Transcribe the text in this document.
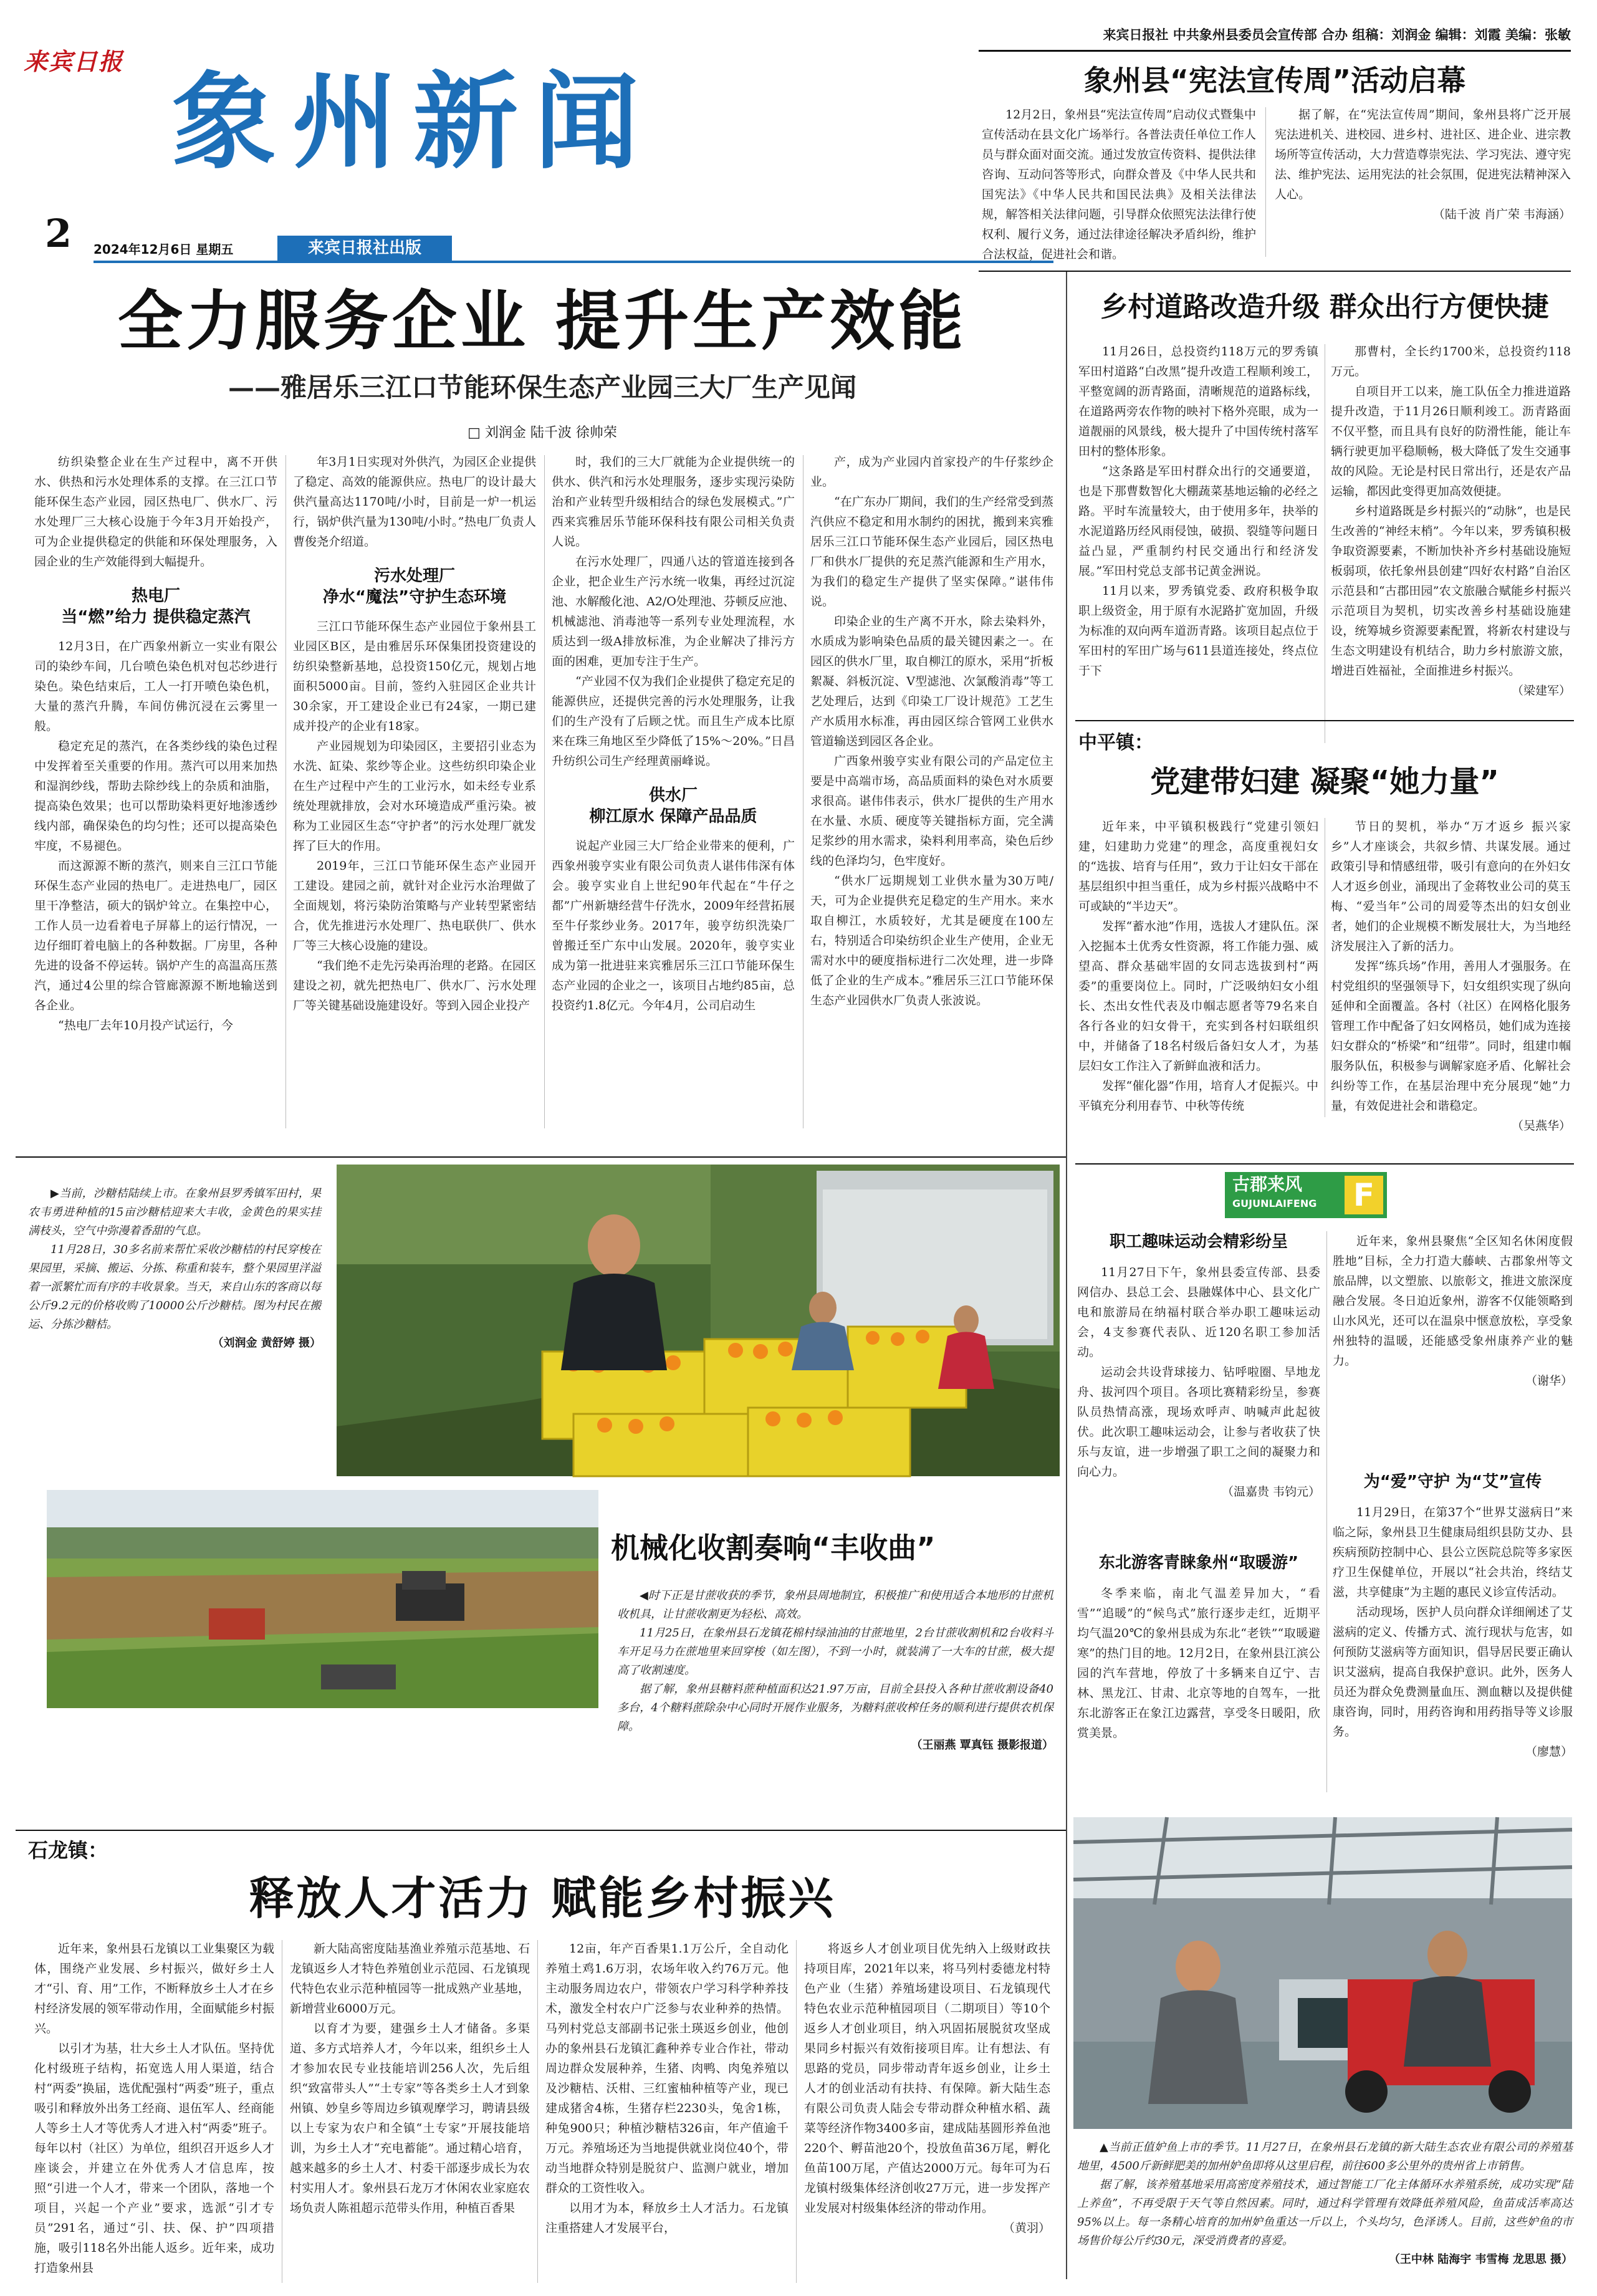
来宾日报社 中共象州县委员会宣传部 合办 组稿：刘润金 编辑：刘霞 美编：张敏
来宾日报 象州新闻
2 2024年12月6日 星期五	来宾日报社出版
象州县“宪法宣传周”活动启幕

12月2日，象州县“宪法宣传周”启动仪式暨集中宣传活动在县文化广场举行。各普法责任单位工作人员与群众面对面交流。通过发放宣传资料、提供法律咨询、互动问答等形式，向群众普及《中华人民共和国宪法》《中华人民共和国民法典》及相关法律法规，解答相关法律问题，引导群众依照宪法法律行使权利、履行义务，通过法律途径解决矛盾纠纷，维护合法权益，促进社会和谐。

据了解，在“宪法宣传周”期间，象州县将广泛开展宪法进机关、进校园、进乡村、进社区、进企业、进宗教场所等宣传活动，大力营造尊崇宪法、学习宪法、遵守宪法、维护宪法、运用宪法的社会氛围，促进宪法精神深入人心。

（陆千波 肖广荣 韦海涵）

全力服务企业 提升生产效能
——雅居乐三江口节能环保生态产业园三大厂生产见闻
□ 刘润金 陆千波 徐帅荣

纺织染整企业在生产过程中，离不开供水、供热和污水处理体系的支撑。在三江口节能环保生态产业园，园区热电厂、供水厂、污水处理厂三大核心设施于今年3月开始投产，可为企业提供稳定的供能和环保处理服务，入园企业的生产效能得到大幅提升。

热电厂
当“燃”给力 提供稳定蒸汽

12月3日，在广西象州新立一实业有限公司的染纱车间，几台喷色染色机对包芯纱进行染色。染色结束后，工人一打开喷色染色机，大量的蒸汽升腾，车间仿佛沉浸在云雾里一般。

稳定充足的蒸汽，在各类纱线的染色过程中发挥着至关重要的作用。蒸汽可以用来加热和湿润纱线，帮助去除纱线上的杂质和油脂，提高染色效果；也可以帮助染料更好地渗透纱线内部，确保染色的均匀性；还可以提高染色牢度，不易褪色。

而这源源不断的蒸汽，则来自三江口节能环保生态产业园的热电厂。走进热电厂，园区里干净整洁，硕大的锅炉耸立。在集控中心，工作人员一边看着电子屏幕上的运行情况，一边仔细盯着电脑上的各种数据。厂房里，各种先进的设备不停运转。锅炉产生的高温高压蒸汽，通过4公里的综合管廊源源不断地输送到各企业。

“热电厂去年10月投产试运行，今

年3月1日实现对外供汽，为园区企业提供了稳定、高效的能源供应。热电厂的设计最大供汽量高达1170吨/小时，目前是一炉一机运行，锅炉供汽量为130吨/小时。”热电厂负责人曹俊尧介绍道。

污水处理厂
净水“魔法”守护生态环境

三江口节能环保生态产业园位于象州县工业园区B区，是由雅居乐环保集团投资建设的纺织染整新基地，总投资150亿元，规划占地面积5000亩。目前，签约入驻园区企业共计30余家，开工建设企业已有24家，一期已建成并投产的企业有18家。

产业园规划为印染园区，主要招引业态为水洗、缸染、浆纱等企业。这些纺织印染企业在生产过程中产生的工业污水，如未经专业系统处理就排放，会对水环境造成严重污染。被称为工业园区生态“守护者”的污水处理厂就发挥了巨大的作用。

2019年，三江口节能环保生态产业园开工建设。建园之前，就针对企业污水治理做了全面规划，将污染防治策略与产业转型紧密结合，优先推进污水处理厂、热电联供厂、供水厂等三大核心设施的建设。

“我们绝不走先污染再治理的老路。在园区建设之初，就先把热电厂、供水厂、污水处理厂等关键基础设施建设好。等到入园企业投产

时，我们的三大厂就能为企业提供统一的供水、供汽和污水处理服务，逐步实现污染防治和产业转型升级相结合的绿色发展模式。”广西来宾雅居乐节能环保科技有限公司相关负责人说。

在污水处理厂，四通八达的管道连接到各企业，把企业生产污水统一收集，再经过沉淀池、水解酸化池、A2/O处理池、芬顿反应池、机械滤池、消毒池等一系列专业处理流程，水质达到一级A排放标准，为企业解决了排污方面的困难，更加专注于生产。

“产业园不仅为我们企业提供了稳定充足的能源供应，还提供完善的污水处理服务，让我们的生产没有了后顾之忧。而且生产成本比原来在珠三角地区至少降低了15%～20%。”日昌升纺织公司生产经理黄丽峰说。

供水厂
柳江原水 保障产品品质

说起产业园三大厂给企业带来的便利，广西象州骏亨实业有限公司负责人谌伟伟深有体会。骏亨实业自上世纪90年代起在“牛仔之都”广州新塘经营牛仔洗水，2009年经营拓展至牛仔浆纱业务。2017年，骏亨纺织洗染厂曾搬迁至广东中山发展。2020年，骏亨实业成为第一批进驻来宾雅居乐三江口节能环保生态产业园的企业之一，该项目占地约85亩，总投资约1.8亿元。今年4月，公司启动生

产，成为产业园内首家投产的牛仔浆纱企业。

“在广东办厂期间，我们的生产经常受到蒸汽供应不稳定和用水制约的困扰，搬到来宾雅居乐三江口节能环保生态产业园后，园区热电厂和供水厂提供的充足蒸汽能源和生产用水，为我们的稳定生产提供了坚实保障。”谌伟伟说。

印染企业的生产离不开水，除去染料外，水质成为影响染色品质的最关键因素之一。在园区的供水厂里，取自柳江的原水，采用“折板絮凝、斜板沉淀、V型滤池、次氯酸消毒”等工艺处理后，达到《印染工厂设计规范》工艺生产水质用水标准，再由园区综合管网工业供水管道输送到园区各企业。

广西象州骏亨实业有限公司的产品定位主要是中高端市场，高品质面料的染色对水质要求很高。谌伟伟表示，供水厂提供的生产用水在水量、水质、硬度等关键指标方面，完全满足浆纱的用水需求，染料利用率高，染色后纱线的色泽均匀，色牢度好。

“供水厂远期规划工业供水量为30万吨/天，可为企业提供充足稳定的生产用水。来水取自柳江，水质较好，尤其是硬度在100左右，特别适合印染纺织企业生产使用，企业无需对水中的硬度指标进行二次处理，进一步降低了企业的生产成本。”雅居乐三江口节能环保生态产业园供水厂负责人张波说。

乡村道路改造升级 群众出行方便快捷

11月26日，总投资约118万元的罗秀镇军田村道路“白改黑”提升改造工程顺利竣工，平整宽阔的沥青路面，清晰规范的道路标线，在道路两旁农作物的映衬下格外亮眼，成为一道靓丽的风景线，极大提升了中国传统村落军田村的整体形象。

“这条路是军田村群众出行的交通要道，也是下那曹数智化大棚蔬菜基地运输的必经之路。平时车流量较大，由于使用多年，抉举的水泥道路历经风雨侵蚀，破损、裂缝等问题日益凸显，严重制约村民交通出行和经济发展。”军田村党总支部书记黄金洲说。

11月以来，罗秀镇党委、政府积极争取职上级资金，用于原有水泥路扩宽加固，升级为标准的双向两车道沥青路。该项目起点位于军田村的军田广场与611县道连接处，终点位于下

那曹村，全长约1700米，总投资约118万元。

自项目开工以来，施工队伍全力推进道路提升改造，于11月26日顺利竣工。沥青路面不仅平整，而且具有良好的防滑性能，能让车辆行驶更加平稳顺畅，极大降低了发生交通事故的风险。无论是村民日常出行，还是农产品运输，都因此变得更加高效便捷。

乡村道路既是乡村振兴的“动脉”，也是民生改善的“神经末梢”。今年以来，罗秀镇积极争取资源要素，不断加快补齐乡村基础设施短板弱项，依托象州县创建“四好农村路”自治区示范县和“古郡田园”农文旅融合赋能乡村振兴示范项目为契机，切实改善乡村基础设施建设，统筹城乡资源要素配置，将新农村建设与生态文明建设有机结合，助力乡村旅游文旅，增进百姓福祉，全面推进乡村振兴。

（梁建军）

中平镇：
党建带妇建 凝聚“她力量”

近年来，中平镇积极践行“党建引领妇建，妇建助力党建”的理念，高度重视妇女的“选拔、培育与任用”，致力于让妇女干部在基层组织中担当重任，成为乡村振兴战略中不可或缺的“半边天”。

发挥“蓄水池”作用，选拔人才建队伍。深入挖掘本土优秀女性资源，将工作能力强、威望高、群众基础牢固的女同志选拔到村“两委”的重要岗位上。同时，广泛吸纳妇女小组长、杰出女性代表及巾帼志愿者等79名来自各行各业的妇女骨干，充实到各村妇联组织中，并储备了18名村级后备妇女人才，为基层妇女工作注入了新鲜血液和活力。

发挥“催化器”作用，培育人才促振兴。中平镇充分利用春节、中秋等传统

节日的契机，举办“万才返乡 振兴家乡”人才座谈会，共叙乡情、共谋发展。通过政策引导和情感纽带，吸引有意向的在外妇女人才返乡创业，涌现出了金蒋牧业公司的莫玉梅、“爱当年”公司的周爱等杰出的妇女创业者，她们的企业规模不断发展壮大，为当地经济发展注入了新的活力。

发挥“练兵场”作用，善用人才强服务。在村党组织的坚强领导下，妇女组织实现了纵向延伸和全面覆盖。各村（社区）在网格化服务管理工作中配备了妇女网格员，她们成为连接妇女群众的“桥梁”和“纽带”。同时，组建巾帼服务队伍，积极参与调解家庭矛盾、化解社会纠纷等工作，在基层治理中充分展现“她”力量，有效促进社会和谐稳定。

（吴燕华）

古郡来风
GUJUNLAIFENG	F

职工趣味运动会精彩纷呈

11月27日下午，象州县委宣传部、县委网信办、县总工会、县融媒体中心、县文化广电和旅游局在纳福村联合举办职工趣味运动会，4支参赛代表队、近120名职工参加活动。

运动会共设背球接力、钻呼啦圈、旱地龙舟、拔河四个项目。各项比赛精彩纷呈，参赛队员热情高涨，现场欢呼声、呐喊声此起彼伏。此次职工趣味运动会，让参与者收获了快乐与友谊，进一步增强了职工之间的凝聚力和向心力。

（温嘉贵 韦钧元）

东北游客青睐象州“取暖游”

冬季来临，南北气温差异加大，“看雪”“追暖”的“候鸟式”旅行逐步走红，近期平均气温20℃的象州县成为东北“老铁”“取暖避寒”的热门目的地。12月2日，在象州县江滨公园的汽车营地，停放了十多辆来自辽宁、吉林、黑龙江、甘肃、北京等地的自驾车，一批东北游客正在象江边露营，享受冬日暖阳，欣赏美景。

近年来，象州县聚焦“全区知名休闲度假胜地”目标，全力打造大藤峡、古郡象州等文旅品牌，以文塑旅、以旅彰文，推进文旅深度融合发展。冬日迫近象州，游客不仅能领略到山水风光，还可以在温泉中惬意放松，享受象州独特的温暖，还能感受象州康养产业的魅力。

（谢华）

为“爱”守护 为“艾”宣传

11月29日，在第37个“世界艾滋病日”来临之际，象州县卫生健康局组织县防艾办、县疾病预防控制中心、县公立医院总院等多家医疗卫生保健单位，开展以“社会共治，终结艾滋，共享健康”为主题的惠民义诊宣传活动。

活动现场，医护人员向群众详细阐述了艾滋病的定义、传播方式、流行现状与危害，如何预防艾滋病等方面知识，倡导居民要正确认识艾滋病，提高自我保护意识。此外，医务人员还为群众免费测量血压、测血糖以及提供健康咨询，同时，用药咨询和用药指导等义诊服务。

（廖慧）

▶当前，沙糖桔陆续上市。在象州县罗秀镇军田村，果农韦勇进种植的15亩沙糖桔迎来大丰收，金黄色的果实挂满枝头，空气中弥漫着香甜的气息。

11月28日，30多名前来帮忙采收沙糖桔的村民穿梭在果园里，采摘、搬运、分拣、称重和装车，整个果园里洋溢着一派繁忙而有序的丰收景象。当天，来自山东的客商以每公斤9.2元的价格收购了10000公斤沙糖桔。图为村民在搬运、分拣沙糖桔。

（刘润金 黄舒婷 摄）

机械化收割奏响“丰收曲”

◀时下正是甘蔗收获的季节，象州县周地制宜，积极推广和使用适合本地形的甘蔗机收机具，让甘蔗收割更为轻松、高效。

11月25日，在象州县石龙镇花棉村绿油油的甘蔗地里，2台甘蔗收割机和2台收料斗车开足马力在蔗地里来回穿梭（如左图），不到一小时，就装满了一大车的甘蔗，极大提高了收割速度。

据了解，象州县糖料蔗种植面积达21.97万亩，目前全县投入各种甘蔗收割设备40多台，4个糖料蔗除杂中心同时开展作业服务，为糖料蔗收榨任务的顺利进行提供农机保障。

（王丽燕 覃真钰 摄影报道）

石龙镇：
释放人才活力 赋能乡村振兴

近年来，象州县石龙镇以工业集聚区为载体，围绕产业发展、乡村振兴，做好乡土人才“引、育、用”工作，不断释放乡土人才在乡村经济发展的领军带动作用，全面赋能乡村振兴。

以引才为基，壮大乡土人才队伍。坚持优化村级班子结构，拓宽选人用人渠道，结合村“两委”换届，选优配强村“两委”班子，重点吸引和释放外出务工经商、退伍军人、经商能人等乡土人才等优秀人才进入村“两委”班子。每年以村（社区）为单位，组织召开返乡人才座谈会，并建立在外优秀人才信息库，按照“引进一个人才，带来一个团队，落地一个项目，兴起一个产业”要求，选派“引才专员”291名，通过“引、扶、保、护”四项措施，吸引118名外出能人返乡。近年来，成功打造象州县

新大陆高密度陆基渔业养殖示范基地、石龙镇返乡人才特色养殖创业示范园、石龙镇现代特色农业示范种植园等一批成熟产业基地，新增营业6000万元。

以育才为要，建强乡土人才储备。多渠道、多方式培养人才，今年以来，组织乡土人才参加农民专业技能培训256人次，先后组织“致富带头人”“土专家”等各类乡土人才到象州镇、妙皇乡等周边乡镇观摩学习，聘请县级以上专家为农户和全镇“土专家”开展技能培训，为乡土人才“充电蓄能”。通过精心培育，越来越多的乡土人才、村委干部逐步成长为农村实用人才。象州县石龙万才休闲农业家庭农场负责人陈祖超示范带头作用，种植百香果

12亩，年产百香果1.1万公斤，全自动化养殖土鸡1.6万羽，农场年收入约76万元。他主动服务周边农户，带领农户学习科学种养技术，激发全村农户广泛参与农业种养的热情。马列村党总支部副书记张土瑛返乡创业，他创办的象州县石龙镇汇鑫种养专业合作社，带动周边群众发展种养，生猪、肉鸭、肉兔养殖以及沙糖桔、沃柑、三红蜜柚种植等产业，现已建成猪舍4栋，生猪存栏2230头，兔舍1栋，种兔900只；种植沙糖桔326亩，年产值逾千万元。养殖场还为当地提供就业岗位40个，带动当地群众特别是脱贫户、监测户就业，增加群众的工资性收入。

以用才为本，释放乡土人才活力。石龙镇注重搭建人才发展平台，

将返乡人才创业项目优先纳入上级财政扶持项目库，2021年以来，将马列村委德龙村特色产业（生猪）养殖场建设项目、石龙镇现代特色农业示范种植园项目（二期项目）等10个返乡人才创业项目，纳入巩固拓展脱贫攻坚成果同乡村振兴有效衔接项目库。让有想法、有思路的党员，同步带动青年返乡创业，让乡土人才的创业活动有扶持、有保障。新大陆生态有限公司负责人陆会专带动群众种植水稻、蔬菜等经济作物3400多亩，建成陆基圆形养鱼池220个、孵苗池20个，投放鱼苗36万尾，孵化鱼苗100万尾，产值达2000万元。每年可为石龙镇村级集体经济创收27万元，进一步发挥产业发展对村级集体经济的带动作用。

（黄羽）

▲当前正值妒鱼上市的季节。11月27日，在象州县石龙镇的新大陆生态农业有限公司的养殖基地里，4500斤新鲜肥美的加州妒鱼即将从这里启程，前往600多公里外的贵州省上市销售。

据了解，该养殖基地采用高密度养殖技术，通过智能工厂化主体循环水养殖系统，成功实现“陆上养鱼”，不再受限于天气等自然因素。同时，通过科学管理有效降低养殖风险，鱼苗成活率高达95%以上。每一条精心培育的加州妒鱼重达一斤以上，个头均匀，色泽诱人。目前，这些妒鱼的市场售价每公斤约30元，深受消费者的喜爱。

（王中林 陆海宇 韦雪梅 龙思思 摄）
